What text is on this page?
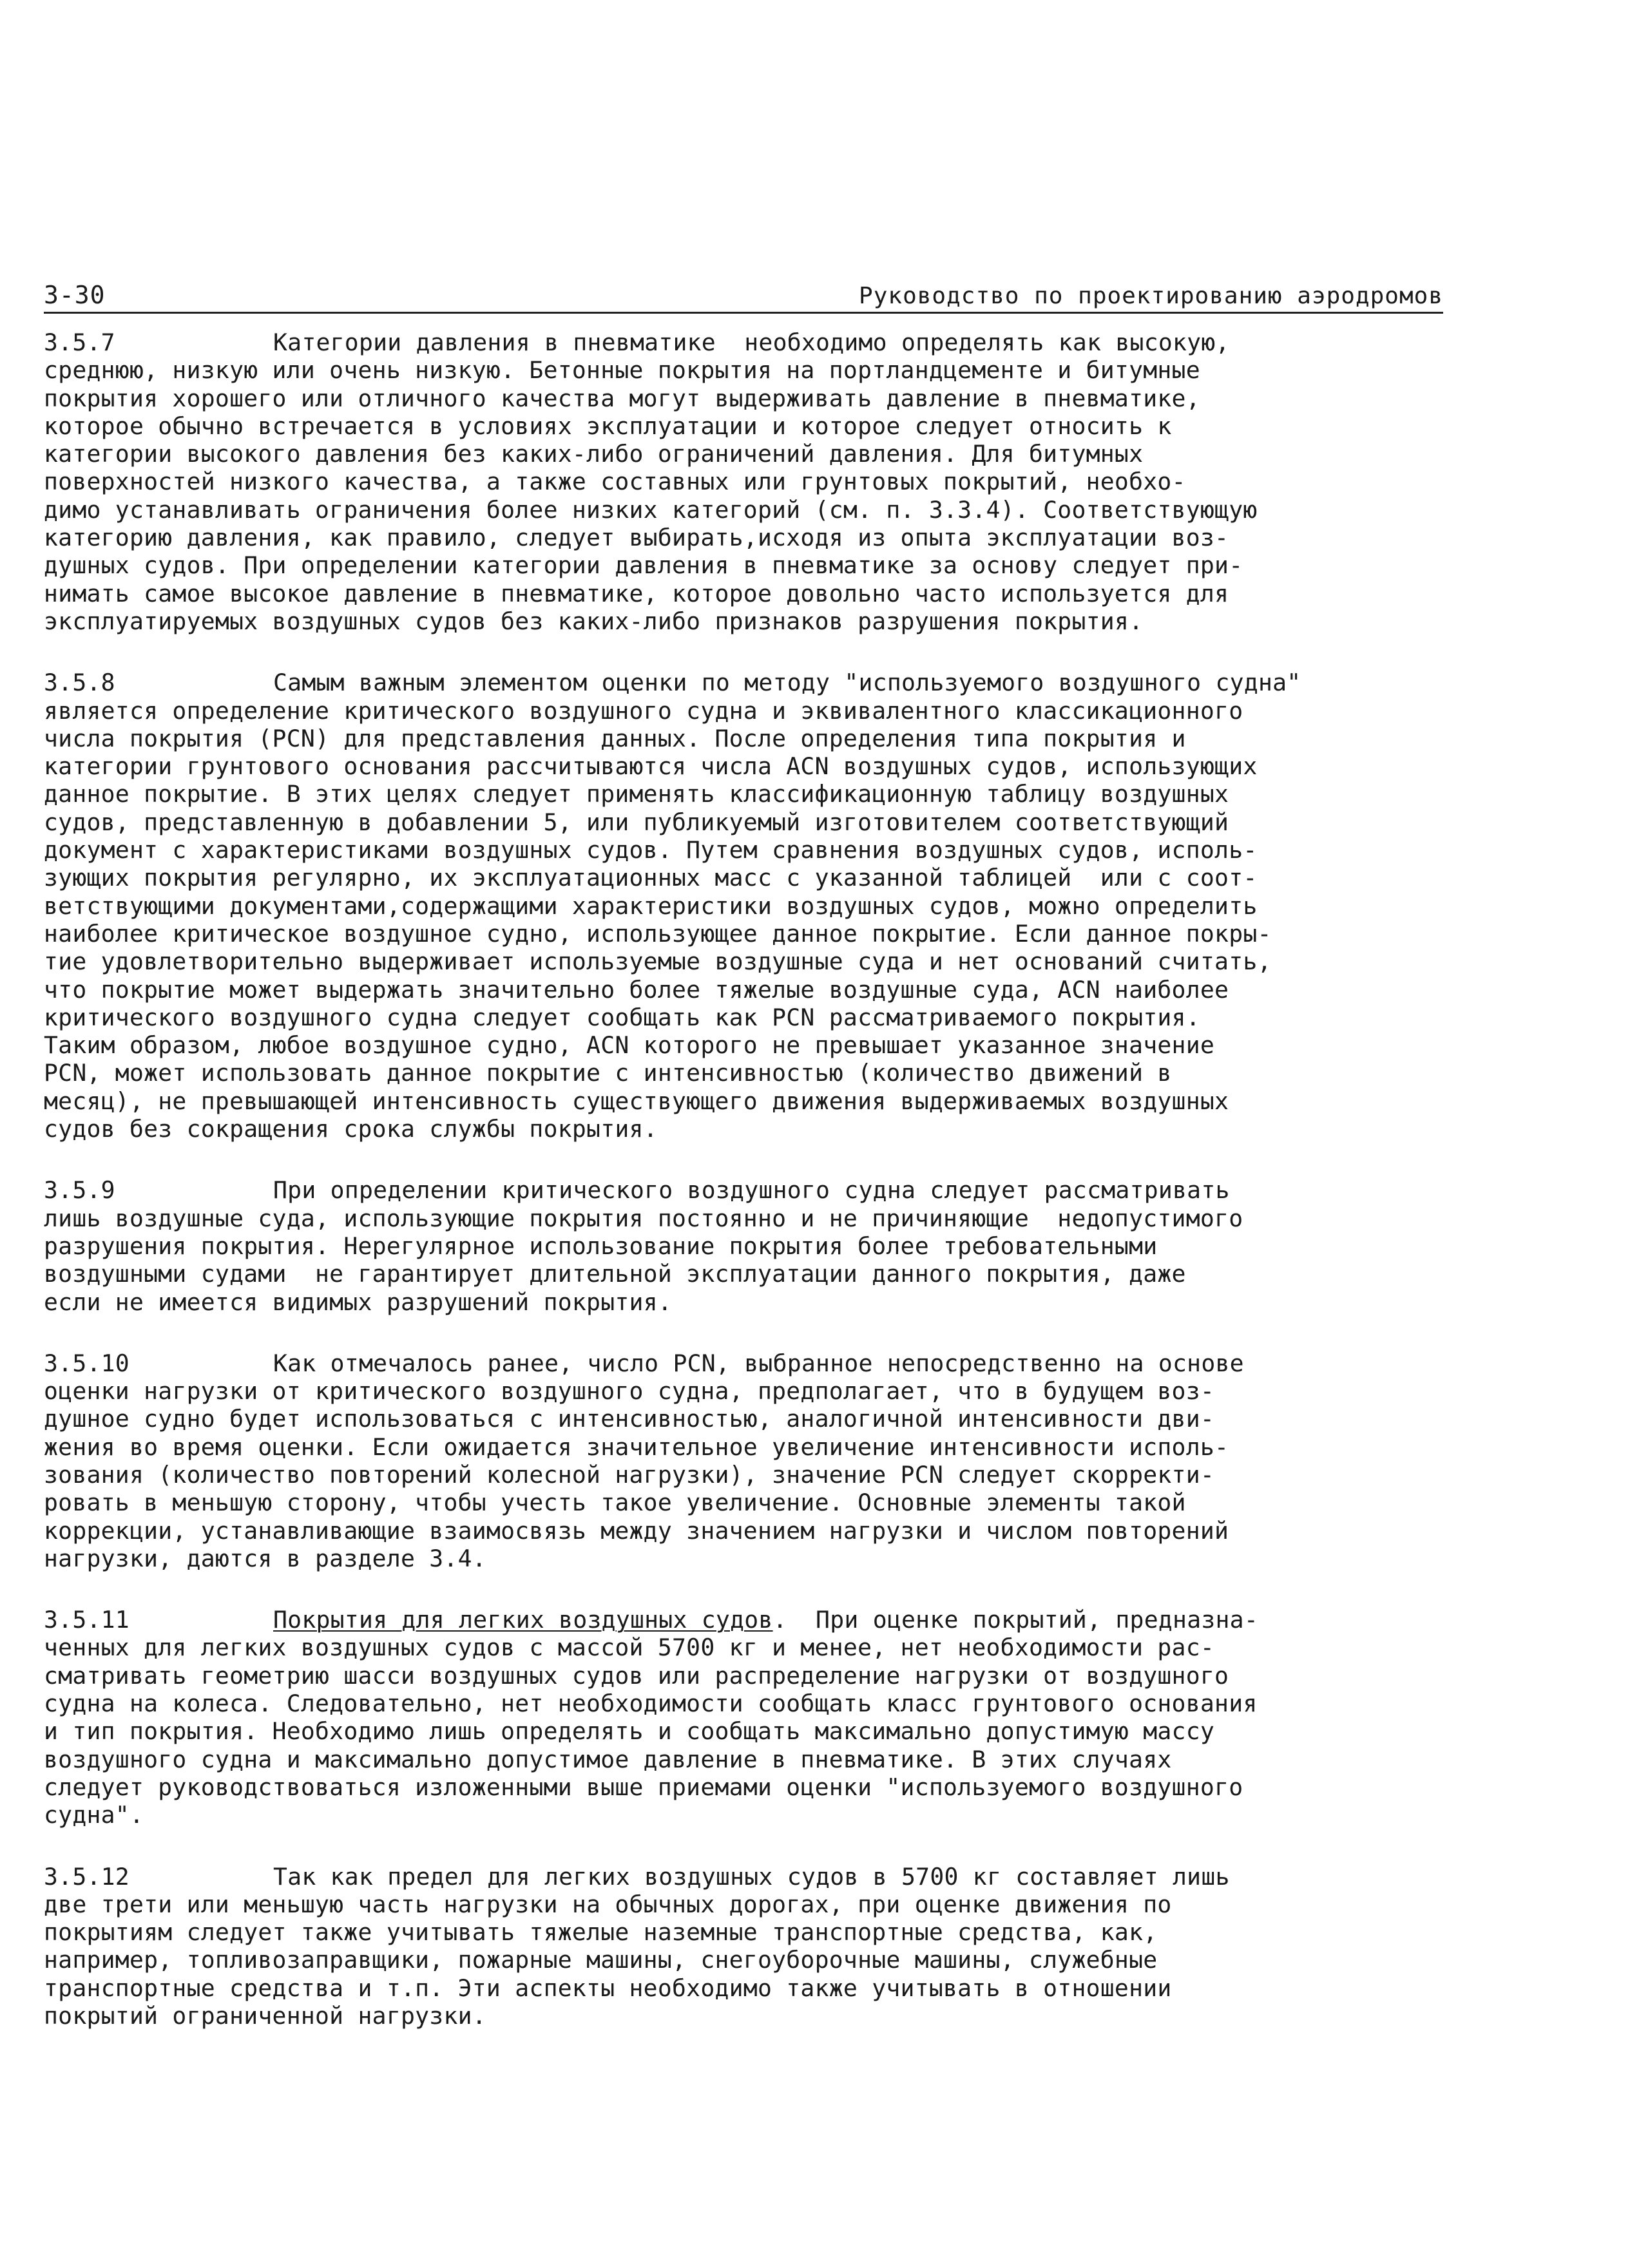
3-30	Руководство по проектированию аэродромов
3.5.7	Категории давления в пневматике  необходимо определять как высокую,
среднюю, низкую или очень низкую. Бетонные покрытия на портландцементе и битумные
покрытия хорошего или отличного качества могут выдерживать давление в пневматике,
которое обычно встречается в условиях эксплуатации и которое следует относить к
категории высокого давления без каких-либо ограничений давления. Для битумных
поверхностей низкого качества, а также составных или грунтовых покрытий, необхо-
димо устанавливать ограничения более низких категорий (см. п. 3.3.4). Соответствующую
категорию давления, как правило, следует выбирать,исходя из опыта эксплуатации воз-
душных судов. При определении категории давления в пневматике за основу следует при-
нимать самое высокое давление в пневматике, которое довольно часто используется для
эксплуатируемых воздушных судов без каких-либо признаков разрушения покрытия.
3.5.8	Самым важным элементом оценки по методу "используемого воздушного судна"
является определение критического воздушного судна и эквивалентного классикационного
числа покрытия (PCN) для представления данных. После определения типа покрытия и
категории грунтового основания рассчитываются числа ACN воздушных судов, использующих
данное покрытие. В этих целях следует применять классификационную таблицу воздушных
судов, представленную в добавлении 5, или публикуемый изготовителем соответствующий
документ с характеристиками воздушных судов. Путем сравнения воздушных судов, исполь-
зующих покрытия регулярно, их эксплуатационных масс с указанной таблицей  или с соот-
ветствующими документами,содержащими характеристики воздушных судов, можно определить
наиболее критическое воздушное судно, использующее данное покрытие. Если данное покры-
тие удовлетворительно выдерживает используемые воздушные суда и нет оснований считать,
что покрытие может выдержать значительно более тяжелые воздушные суда, ACN наиболее
критического воздушного судна следует сообщать как PCN рассматриваемого покрытия.
Таким образом, любое воздушное судно, ACN которого не превышает указанное значение
PCN, может использовать данное покрытие с интенсивностью (количество движений в
месяц), не превышающей интенсивность существующего движения выдерживаемых воздушных
судов без сокращения срока службы покрытия.
3.5.9	При определении критического воздушного судна следует рассматривать
лишь воздушные суда, использующие покрытия постоянно и не причиняющие  недопустимого
разрушения покрытия. Нерегулярное использование покрытия более требовательными
воздушными судами  не гарантирует длительной эксплуатации данного покрытия, даже
если не имеется видимых разрушений покрытия.
3.5.10	Как отмечалось ранее, число PCN, выбранное непосредственно на основе
оценки нагрузки от критического воздушного судна, предполагает, что в будущем воз-
душное судно будет использоваться с интенсивностью, аналогичной интенсивности дви-
жения во время оценки. Если ожидается значительное увеличение интенсивности исполь-
зования (количество повторений колесной нагрузки), значение PCN следует скорректи-
ровать в меньшую сторону, чтобы учесть такое увеличение. Основные элементы такой
коррекции, устанавливающие взаимосвязь между значением нагрузки и числом повторений
нагрузки, даются в разделе 3.4.
3.5.11	Покрытия для легких воздушных судов.  При оценке покрытий, предназна-
ченных для легких воздушных судов с массой 5700 кг и менее, нет необходимости рас-
сматривать геометрию шасси воздушных судов или распределение нагрузки от воздушного
судна на колеса. Следовательно, нет необходимости сообщать класс грунтового основания
и тип покрытия. Необходимо лишь определять и сообщать максимально допустимую массу
воздушного судна и максимально допустимое давление в пневматике. В этих случаях
следует руководствоваться изложенными выше приемами оценки "используемого воздушного
судна".
3.5.12	Так как предел для легких воздушных судов в 5700 кг составляет лишь
две трети или меньшую часть нагрузки на обычных дорогах, при оценке движения по
покрытиям следует также учитывать тяжелые наземные транспортные средства, как,
например, топливозаправщики, пожарные машины, снегоуборочные машины, служебные
транспортные средства и т.п. Эти аспекты необходимо также учитывать в отношении
покрытий ограниченной нагрузки.
